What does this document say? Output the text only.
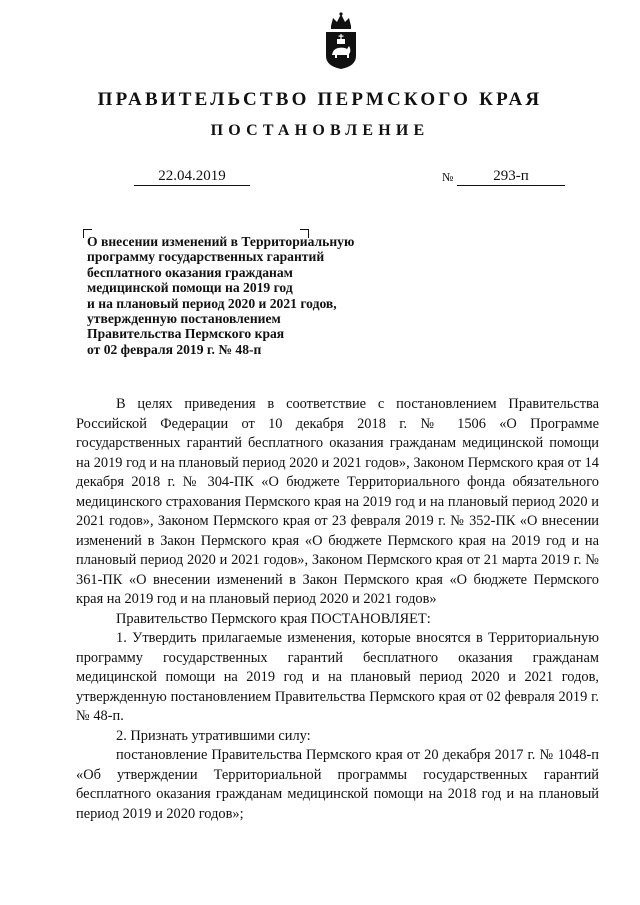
ПРАВИТЕЛЬСТВО ПЕРМСКОГО КРАЯ
ПОСТАНОВЛЕНИЕ
22.04.2019	№	293-п
О внесении изменений в Территориальную
программу государственных гарантий
бесплатного оказания гражданам
медицинской помощи на 2019 год
и на плановый период 2020 и 2021 годов,
утвержденную постановлением
Правительства Пермского края
от 02 февраля 2019 г. № 48-п

В целях приведения в соответствие с постановлением Правительства Российской Федерации от 10 декабря 2018 г. № 1506 «О Программе государственных гарантий бесплатного оказания гражданам медицинской помощи на 2019 год и на плановый период 2020 и 2021 годов», Законом Пермского края от 14 декабря 2018 г. № 304-ПК «О бюджете Территориального фонда обязательного медицинского страхования Пермского края на 2019 год и на плановый период 2020 и 2021 годов», Законом Пермского края от 23 февраля 2019 г. № 352-ПК «О внесении изменений в Закон Пермского края «О бюджете Пермского края на 2019 год и на плановый период 2020 и 2021 годов», Законом Пермского края от 21 марта 2019 г. № 361-ПК «О внесении изменений в Закон Пермского края «О бюджете Пермского края на 2019 год и на плановый период 2020 и 2021 годов»

Правительство Пермского края ПОСТАНОВЛЯЕТ:

1. Утвердить прилагаемые изменения, которые вносятся в Территориальную программу государственных гарантий бесплатного оказания гражданам медицинской помощи на 2019 год и на плановый период 2020 и 2021 годов, утвержденную постановлением Правительства Пермского края от 02 февраля 2019 г. № 48-п.

2. Признать утратившими силу:

постановление Правительства Пермского края от 20 декабря 2017 г. № 1048-п «Об утверждении Территориальной программы государственных гарантий бесплатного оказания гражданам медицинской помощи на 2018 год и на плановый период 2019 и 2020 годов»;
